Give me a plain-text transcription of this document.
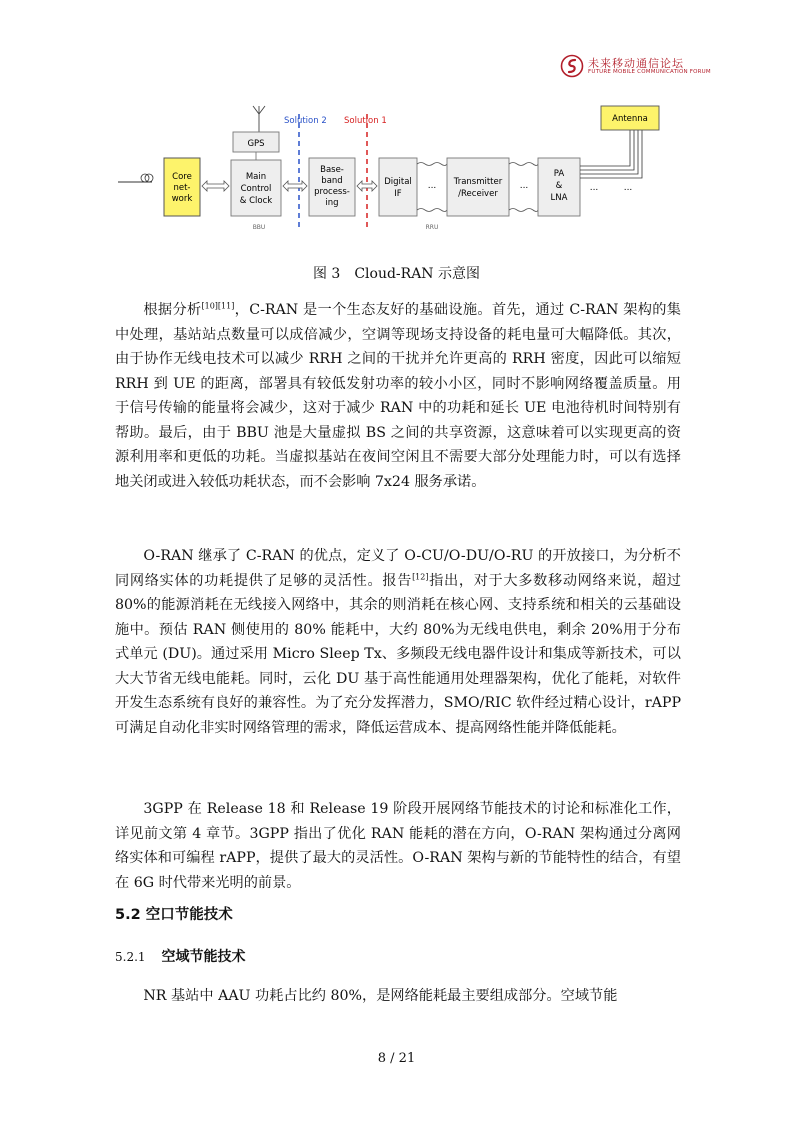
未来移动通信论坛
FUTURE MOBILE COMMUNICATION FORUM
Core
net-
work
GPS
Main
Control
& Clock
BBU
Solution 2
Base-
band
process-
ing
Solution 1
Digital
IF
... Transmitter
/Receiver
RRU
...
PA
&
LNA
...	...
Antenna
图 3　Cloud-RAN 示意图

根据分析[10][11]，C-RAN 是一个生态友好的基础设施。首先，通过 C-RAN 架构的集中处理，基站站点数量可以成倍减少，空调等现场支持设备的耗电量可大幅降低。其次，由于协作无线电技术可以减少 RRH 之间的干扰并允许更高的 RRH 密度，因此可以缩短 RRH 到 UE 的距离，部署具有较低发射功率的较小小区，同时不影响网络覆盖质量。用于信号传输的能量将会减少，这对于减少 RAN 中的功耗和延长 UE 电池待机时间特别有帮助。最后，由于 BBU 池是大量虚拟 BS 之间的共享资源，这意味着可以实现更高的资源利用率和更低的功耗。当虚拟基站在夜间空闲且不需要大部分处理能力时，可以有选择地关闭或进入较低功耗状态，而不会影响 7x24 服务承诺。

O-RAN 继承了 C-RAN 的优点，定义了 O-CU/O-DU/O-RU 的开放接口，为分析不同网络实体的功耗提供了足够的灵活性。报告[12]指出，对于大多数移动网络来说，超过 80%的能源消耗在无线接入网络中，其余的则消耗在核心网、支持系统和相关的云基础设施中。预估 RAN 侧使用的 80% 能耗中，大约 80%为无线电供电，剩余 20%用于分布式单元 (DU)。通过采用 Micro Sleep Tx、多频段无线电器件设计和集成等新技术，可以大大节省无线电能耗。同时，云化 DU 基于高性能通用处理器架构，优化了能耗，对软件开发生态系统有良好的兼容性。为了充分发挥潜力，SMO/RIC 软件经过精心设计，rAPP 可满足自动化非实时网络管理的需求，降低运营成本、提高网络性能并降低能耗。

3GPP 在 Release 18 和 Release 19 阶段开展网络节能技术的讨论和标准化工作，详见前文第 4 章节。3GPP 指出了优化 RAN 能耗的潜在方向，O-RAN 架构通过分离网络实体和可编程 rAPP，提供了最大的灵活性。O-RAN 架构与新的节能特性的结合，有望在 6G 时代带来光明的前景。

5.2 空口节能技术
5.2.1 空域节能技术

NR 基站中 AAU 功耗占比约 80%，是网络能耗最主要组成部分。空域节能

8 / 21
